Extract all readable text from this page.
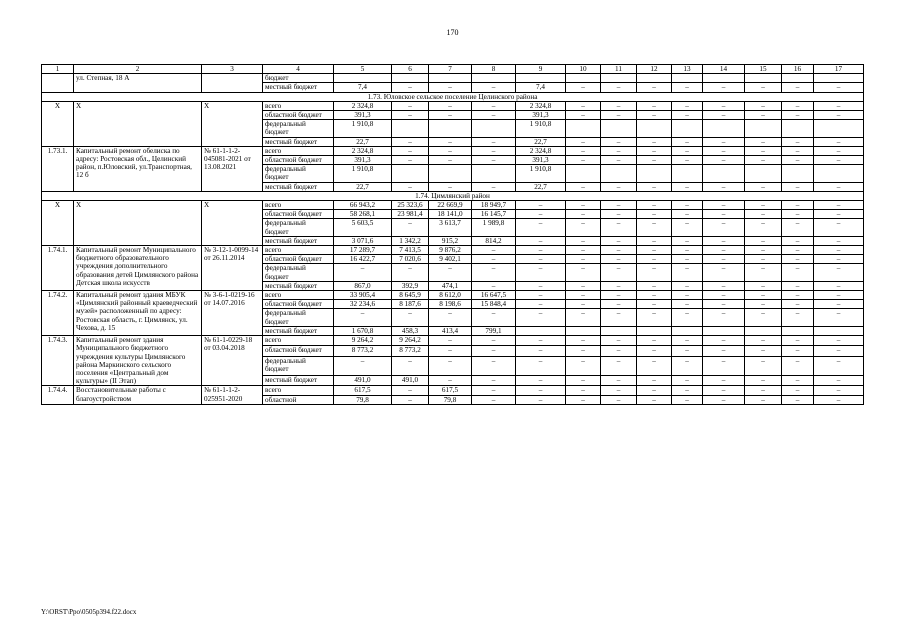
170
1	2	3	4	5	6	7	8	9	10	11	12	13	14	15	16	17
	ул. Степная, 18 А		бюджет													
			местный бюджет	7,4	–	–	–	7,4	–	–	–	–	–	–	–	–
1.73. Юловское сельское поселение Целинского района																
Х	Х	Х	всего	2 324,8	–	–	–	2 324,8	–	–	–	–	–	–	–	–
			областной бюджет	391,3	–	–	–	391,3	–	–	–	–	–	–	–	–
			федеральный бюджет	1 910,8				1 910,8								
			местный бюджет	22,7	–	–	–	22,7	–	–	–	–	–	–	–	–
1.73.1.	Капитальный ремонт обелиска по адресу: Ростовская обл., Целинский район, п.Юловский, ул.Транспортная, 12 б	№ 61-1-1-2-045081-2021 от 13.08.2021	всего	2 324,8	–	–	–	2 324,8	–	–	–	–	–	–	–	–
			областной бюджет	391,3	–	–	–	391,3	–	–	–	–	–	–	–	–
			федеральный бюджет	1 910,8				1 910,8								
			местный бюджет	22,7	–	–	–	22,7	–	–	–	–	–	–	–	–
1.74. Цимлянский район																
Х	Х	Х	всего	66 943,2	25 323,6	22 669,9	18 949,7	–	–	–	–	–	–	–	–	–
			областной бюджет	58 268,1	23 981,4	18 141,0	16 145,7	–	–	–	–	–	–	–	–	–
			федеральный бюджет	5 603,5	–	3 613,7	1 989,8	–	–	–	–	–	–	–	–	–
			местный бюджет	3 071,6	1 342,2	915,2	814,2	–	–	–	–	–	–	–	–	–
1.74.1.	Капитальный ремонт Муниципального бюджетного образовательного учреждения дополнительного образования детей Цимлянского района Детская школа искусств	№ 3-12-1-0099-14 от 26.11.2014	всего	17 289,7	7 413,5	9 876,2	–	–	–	–	–	–	–	–	–	–
			областной бюджет	16 422,7	7 020,6	9 402,1	–	–	–	–	–	–	–	–	–	–
			федеральный бюджет	–	–	–	–	–	–	–	–	–	–	–	–	–
			местный бюджет	867,0	392,9	474,1	–	–	–	–	–	–	–	–	–	–
1.74.2.	Капитальный ремонт здания МБУК «Цимлянский районный краеведческий музей» расположенный по адресу: Ростовская область, г. Цимлянск, ул. Чехова, д. 15	№ 3-6-1-0219-16 от 14.07.2016	всего	33 905,4	8 645,9	8 612,0	16 647,5	–	–	–	–	–	–	–	–	–
			областной бюджет	32 234,6	8 187,6	8 198,6	15 848,4	–	–	–	–	–	–	–	–	–
			федеральный бюджет	–	–	–	–	–	–	–	–	–	–	–	–	–
			местный бюджет	1 670,8	458,3	413,4	799,1									
1.74.3.	Капитальный ремонт здания Муниципального бюджетного учреждения культуры Цимлянского района Маркинского сельского поселения «Центральный дом культуры» (II Этап)	№ 61-1-0229-18 от 03.04.2018	всего	9 264,2	9 264,2	–	–	–	–	–	–	–	–	–	–	–
			областной бюджет	8 773,2	8 773,2	–	–	–	–	–	–	–	–	–	–	–
			федеральный бюджет	–	–	–	–	–	–	–	–	–	–	–	–	–
			местный бюджет	491,0	491,0	–	–	–	–	–	–	–	–	–	–	–
1.74.4.	Восстановительные работы с благоустройством	№ 61-1-1-2-025951-2020	всего	617,5	–	617,5	–	–	–	–	–	–	–	–	–	–
			областной	79,8	–	79,8	–	–	–	–	–	–	–	–	–	–
Y:\ORST\Ppo\0505p394.f22.docx
